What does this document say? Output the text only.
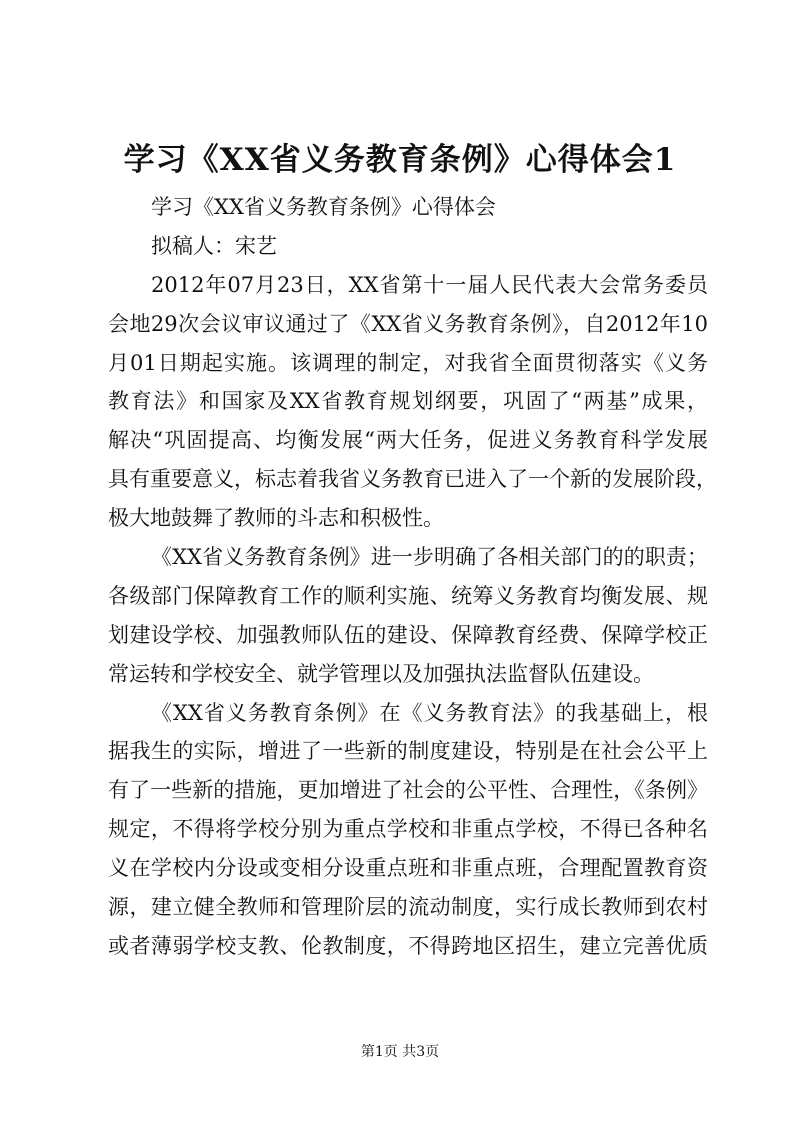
学习《XX省义务教育条例》心得体会1
学习《XX省义务教育条例》心得体会
拟稿人：宋艺
2012年07月23日，XX省第十一届人民代表大会常务委员
会地29次会议审议通过了《XX省义务教育条例》，自2012年10
月01日期起实施。该调理的制定，对我省全面贯彻落实《义务
教育法》和国家及XX省教育规划纲要，巩固了“两基”成果，
解决“巩固提高、均衡发展“两大任务，促进义务教育科学发展
具有重要意义，标志着我省义务教育已进入了一个新的发展阶段，
极大地鼓舞了教师的斗志和积极性。
《XX省义务教育条例》进一步明确了各相关部门的的职责；
各级部门保障教育工作的顺利实施、统筹义务教育均衡发展、规
划建设学校、加强教师队伍的建设、保障教育经费、保障学校正
常运转和学校安全、就学管理以及加强执法监督队伍建设。
《XX省义务教育条例》在《义务教育法》的我基础上，根
据我生的实际，增进了一些新的制度建设，特别是在社会公平上
有了一些新的措施，更加增进了社会的公平性、合理性，《条例》
规定，不得将学校分别为重点学校和非重点学校，不得已各种名
义在学校内分设或变相分设重点班和非重点班，合理配置教育资
源，建立健全教师和管理阶层的流动制度，实行成长教师到农村
或者薄弱学校支教、伦教制度，不得跨地区招生，建立完善优质
第1页 共3页
